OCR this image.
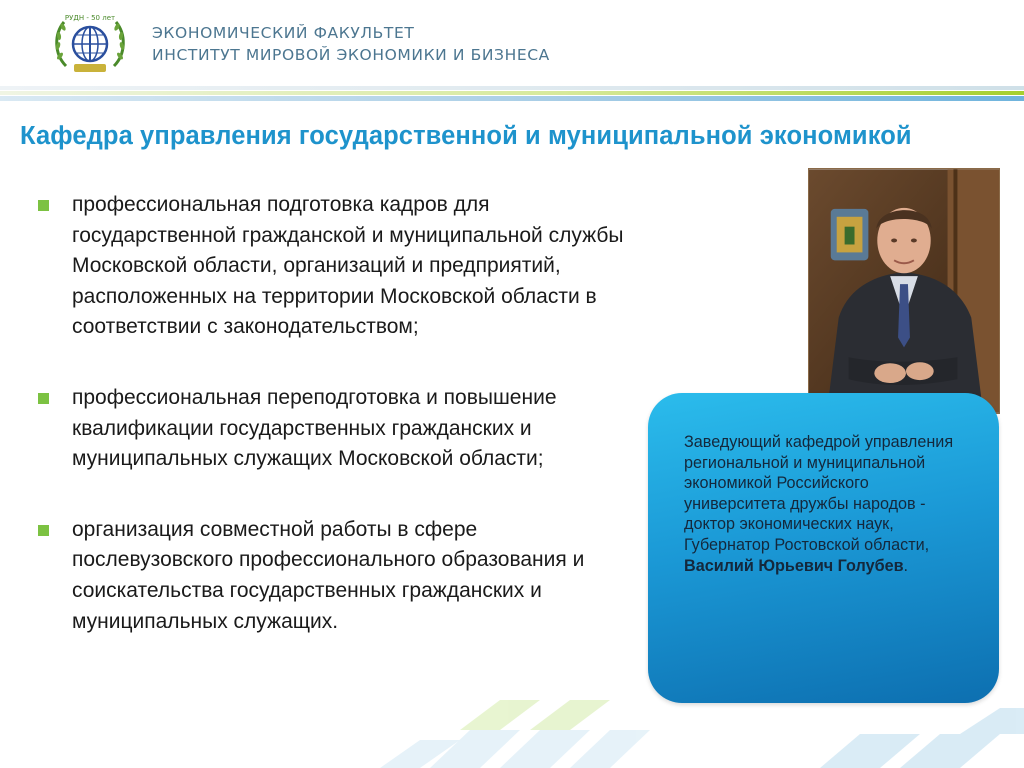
РУДН - 50 лет
ЭКОНОМИЧЕСКИЙ ФАКУЛЬТЕТ
ИНСТИТУТ МИРОВОЙ ЭКОНОМИКИ И БИЗНЕСА
Кафедра управления государственной и муниципальной экономикой
профессиональная подготовка кадров для государственной гражданской и муниципальной службы Московской области, организаций и предприятий, расположенных на территории Московской области в соответствии с законодательством;
профессиональная переподготовка и повышение квалификации государственных гражданских и муниципальных служащих Московской области;
организация совместной работы в сфере послевузовского профессионального образования и соискательства государственных гражданских и муниципальных служащих.
Заведующий кафедрой управления региональной и муниципальной экономикой Российского университета дружбы народов - доктор экономических наук, Губернатор Ростовской области, Василий Юрьевич Голубев.
